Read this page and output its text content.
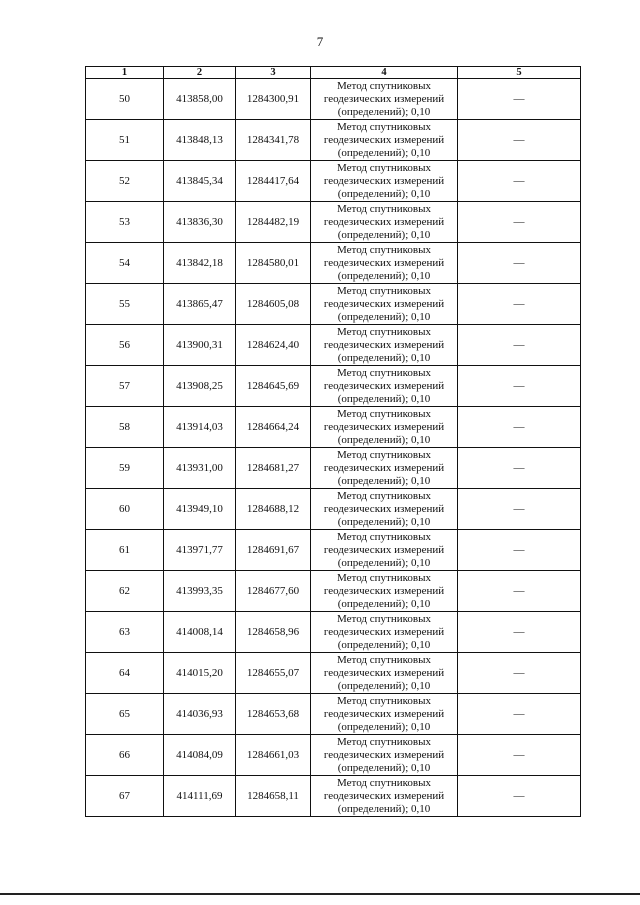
7
1	2	3	4	5
50	413858,00	1284300,91	Метод спутниковых
геодезических измерений
(определений); 0,10	—
51	413848,13	1284341,78	Метод спутниковых
геодезических измерений
(определений); 0,10	—
52	413845,34	1284417,64	Метод спутниковых
геодезических измерений
(определений); 0,10	—
53	413836,30	1284482,19	Метод спутниковых
геодезических измерений
(определений); 0,10	—
54	413842,18	1284580,01	Метод спутниковых
геодезических измерений
(определений); 0,10	—
55	413865,47	1284605,08	Метод спутниковых
геодезических измерений
(определений); 0,10	—
56	413900,31	1284624,40	Метод спутниковых
геодезических измерений
(определений); 0,10	—
57	413908,25	1284645,69	Метод спутниковых
геодезических измерений
(определений); 0,10	—
58	413914,03	1284664,24	Метод спутниковых
геодезических измерений
(определений); 0,10	—
59	413931,00	1284681,27	Метод спутниковых
геодезических измерений
(определений); 0,10	—
60	413949,10	1284688,12	Метод спутниковых
геодезических измерений
(определений); 0,10	—
61	413971,77	1284691,67	Метод спутниковых
геодезических измерений
(определений); 0,10	—
62	413993,35	1284677,60	Метод спутниковых
геодезических измерений
(определений); 0,10	—
63	414008,14	1284658,96	Метод спутниковых
геодезических измерений
(определений); 0,10	—
64	414015,20	1284655,07	Метод спутниковых
геодезических измерений
(определений); 0,10	—
65	414036,93	1284653,68	Метод спутниковых
геодезических измерений
(определений); 0,10	—
66	414084,09	1284661,03	Метод спутниковых
геодезических измерений
(определений); 0,10	—
67	414111,69	1284658,11	Метод спутниковых
геодезических измерений
(определений); 0,10	—
